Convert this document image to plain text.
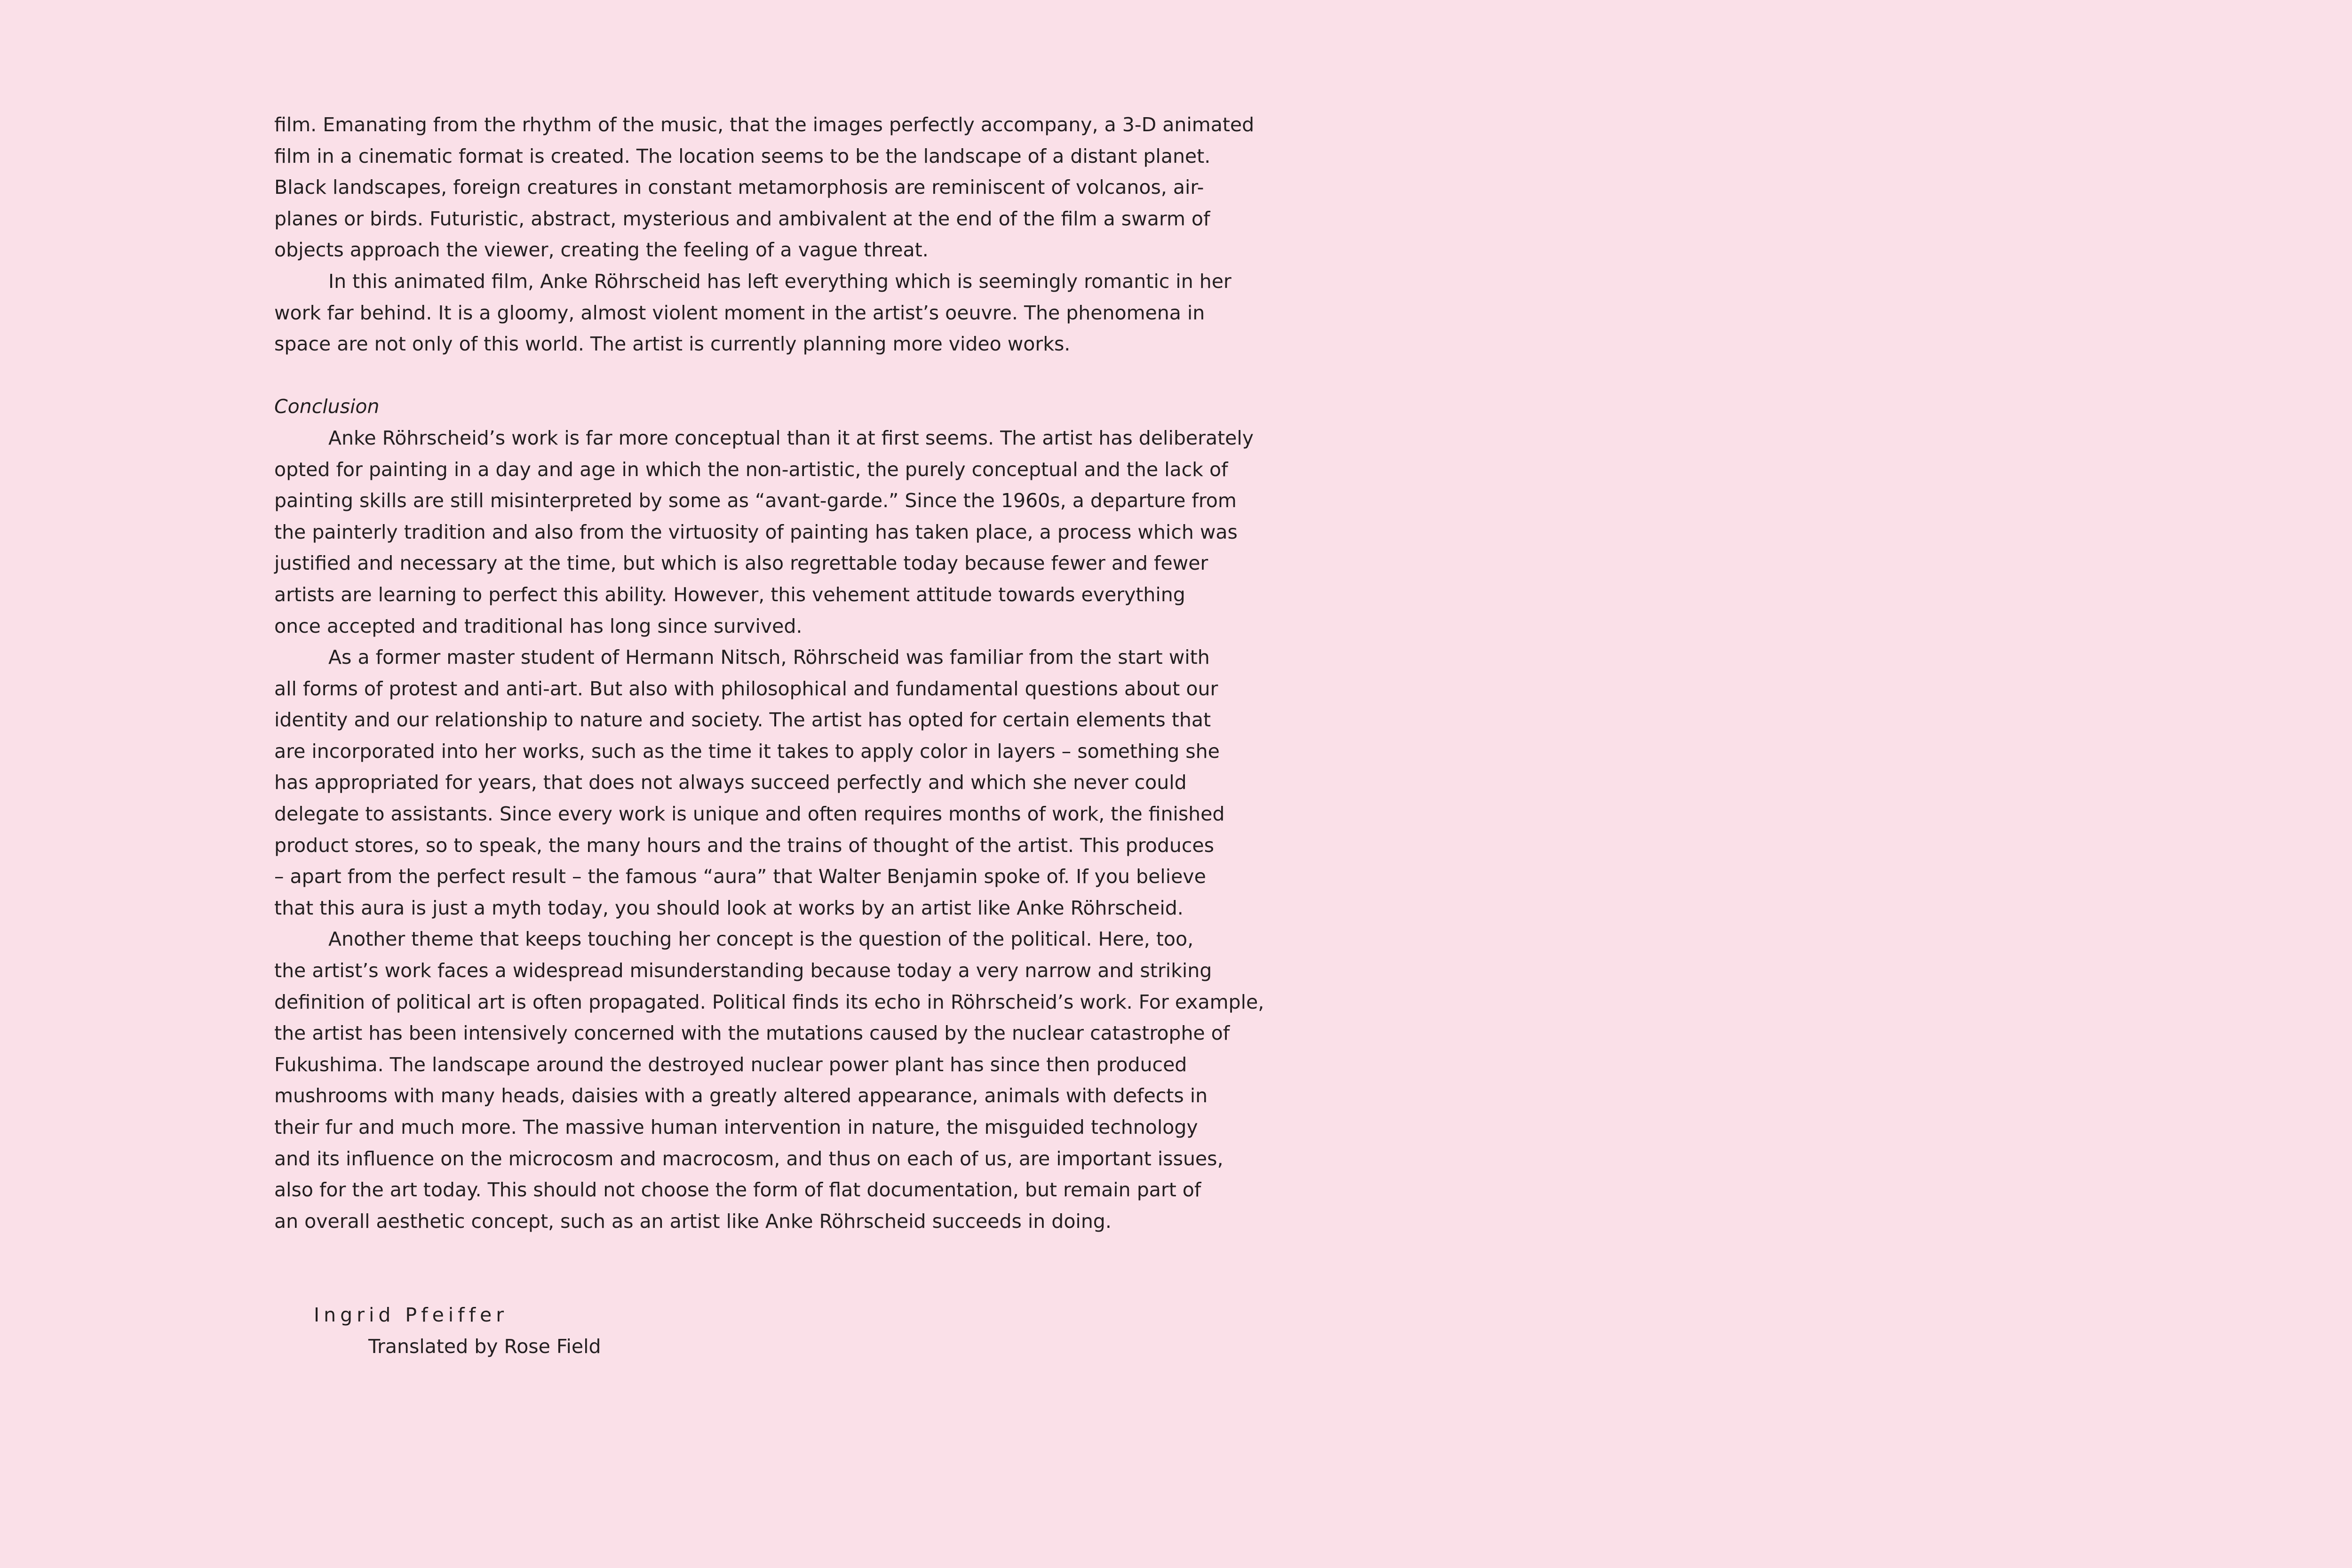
film. Emanating from the rhythm of the music, that the images perfectly accompany, a 3-D animated
film in a cinematic format is created. The location seems to be the landscape of a distant planet.
Black landscapes, foreign creatures in constant metamorphosis are reminiscent of volcanos, air-
planes or birds. Futuristic, abstract, mysterious and ambivalent at the end of the film a swarm of
objects approach the viewer, creating the feeling of a vague threat.
In this animated film, Anke Röhrscheid has left everything which is seemingly romantic in her
work far behind. It is a gloomy, almost violent moment in the artist’s oeuvre. The phenomena in
space are not only of this world. The artist is currently planning more video works.
Conclusion
Anke Röhrscheid’s work is far more conceptual than it at first seems. The artist has deliberately
opted for painting in a day and age in which the non-artistic, the purely conceptual and the lack of
painting skills are still misinterpreted by some as “avant-garde.” Since the 1960s, a departure from
the painterly tradition and also from the virtuosity of painting has taken place, a process which was
justified and necessary at the time, but which is also regrettable today because fewer and fewer
artists are learning to perfect this ability. However, this vehement attitude towards everything
once accepted and traditional has long since survived.
As a former master student of Hermann Nitsch, Röhrscheid was familiar from the start with
all forms of protest and anti-art. But also with philosophical and fundamental questions about our
identity and our relationship to nature and society. The artist has opted for certain elements that
are incorporated into her works, such as the time it takes to apply color in layers – something she
has appropriated for years, that does not always succeed perfectly and which she never could
delegate to assistants. Since every work is unique and often requires months of work, the finished
product stores, so to speak, the many hours and the trains of thought of the artist. This produces
– apart from the perfect result – the famous “aura” that Walter Benjamin spoke of. If you believe
that this aura is just a myth today, you should look at works by an artist like Anke Röhrscheid.
Another theme that keeps touching her concept is the question of the political. Here, too,
the artist’s work faces a widespread misunderstanding because today a very narrow and striking
definition of political art is often propagated. Political finds its echo in Röhrscheid’s work. For example,
the artist has been intensively concerned with the mutations caused by the nuclear catastrophe of
Fukushima. The landscape around the destroyed nuclear power plant has since then produced
mushrooms with many heads, daisies with a greatly altered appearance, animals with defects in
their fur and much more. The massive human intervention in nature, the misguided technology
and its influence on the microcosm and macrocosm, and thus on each of us, are important issues,
also for the art today. This should not choose the form of flat documentation, but remain part of
an overall aesthetic concept, such as an artist like Anke Röhrscheid succeeds in doing.
Ingrid Pfeiffer
Translated by Rose Field
